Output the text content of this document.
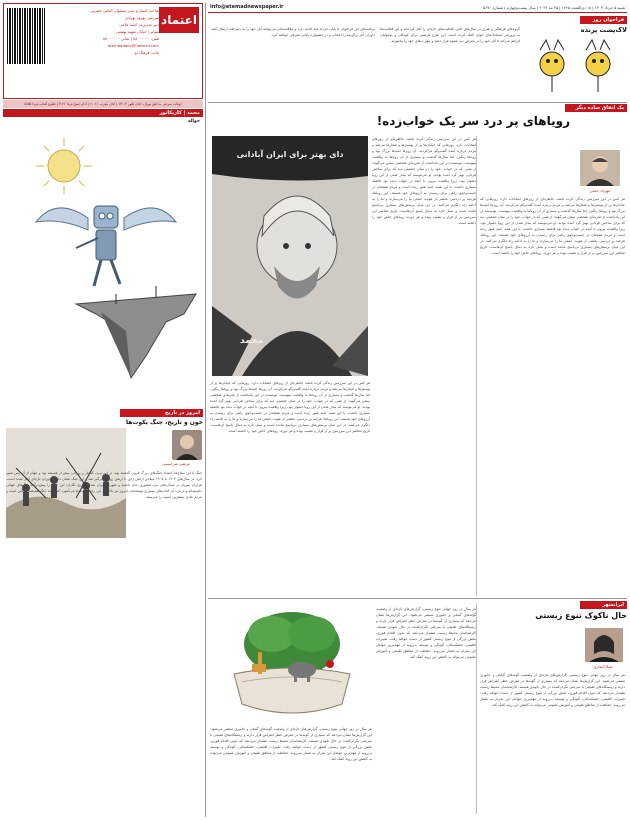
صاحب امتیاز و مدیر مسئول: الیاس حضرتی
سردبیر: بهروز بهزادی
دبیر تحریریه: احمد غلامی
نشانی: خیابان شهید بهشتی
تلفن: ۸۸۰۰۰۰۰۰ | نمابر: ۸۸۰۰۰۰۰۰
etemaddaily@hotmail.com
چاپ: فرهنگ نو
اعتماد
اوقات شرعی به افق تهران: اذان ظهر ۱۳:۰۴ | اذان مغرب ۲۰:۱۱ | اذان صبح فردا ۴:۲۱ | طلوع آفتاب فردا ۵:۵۵
info@etemadnewspaper.ir	شنبه ۵ خرداد ۱۴۰۳ | ۱۸ ذی‌القعده ۱۴۴۵ | ۲۵ مه ۲۰۲۴ | سال بیست‌وچهارم | شماره ۵۶۷۰
محمد | کاریکاتور
حواله
امروز در تاریخ
خون و تاریخ، جنگ یکوت‌ها
مرتضی میرحسینی
جنگ با این سلاح‌ها، امتداد جنگ‌های بزرگ قرون گذشته بود. در این نبرد، کشتار و ویرانی بیش از همیشه بود و جهان از آن پس تغییر کرد. در سال‌های ۱۹۰۴ تا ۱۹۰۵ میلادی ارتش ژاپن با ارتش روسیه درگیر شد و این جنگ نشان داد که دوران تازه‌ای آغاز شده است. هزاران سرباز در میدان‌های نبرد منچوری جان باختند و شهرها ویران شدند. تاریخ نگاران این جنگ را پیش‌درآمد جنگ‌های جهانی دانسته‌اند و درباره آن کتاب‌های بسیاری نوشته‌اند. امروز نیز یادآوری این رخدادها به ما می‌آموزد که هزینه جنگ همیشه سنگین است و مردم عادی بیشترین آسیب را می‌بینند.
فراخوان روز
لاک‌پشت پرنده
گروه‌های فرهنگی و هنری در سال‌های اخیر، فعالیت‌های تازه‌ای را آغاز کرده‌اند و این فعالیت‌ها به پرورش استعدادهای جوان کمک کرده است. این طرح فرصتی برای کودکان و نوجوانان فراهم می‌کند تا آثار خود را در معرض دید عموم قرار دهند و مهارت‌های خود را بیاموزند.
برنامه‌های این فراخوان تا پایان خرداد ماه ادامه دارد و علاقه‌مندان می‌توانند آثار خود را به دبیرخانه ارسال کنند. داوران آثار برگزیده را انتخاب و در جشنواره پایانی معرفی خواهند کرد.
یک اتفاق ساده دیگر
رویاهای پر درد سر یک خواب‌زده!
مهرداد حجتی
دای بهتر برای ایران آبادانی
محمد
هر کس در این سرزمین زندگی کرده باشد، خاطره‌ای از روزهای انتخابات دارد. روزهایی که خیابان‌ها پر از پوسترها و شعارها می‌شد و مردم درباره آینده گفت‌وگو می‌کردند. آن روزها امیدها بزرگ بود و رویاها رنگین. اما سال‌ها گذشت و بسیاری از آن رویاها به واقعیت نپیوست. نویسنده در این یادداشت از تجربه‌ای شخصی سخن می‌گوید؛ از شبی که در خواب، خود را در میان جمعیتی دید که برای ساختن فردایی بهتر گرد آمده بودند. او می‌نویسد که بیدار شدن از این رویا دشوار بود، زیرا واقعیت بیرون با آنچه در خواب دیده بود فاصله بسیاری داشت. با این همه، امید هنوز زنده است و مردم همچنان در جست‌وجوی راهی برای رسیدن به آرزوهای خود هستند. این رویاها، هرچند پر دردسر، بخشی از هویت جمعی ما را می‌سازند و ما را به ادامه راه دلگرم می‌کنند. در این میان پرسش‌های بسیاری بی‌پاسخ مانده است و نسل تازه به دنبال پاسخ آن‌هاست. تاریخ معاصر این سرزمین پر از فراز و نشیب بوده و هر دوره، رویاهای خاص خود را داشته است.
هر کس در این سرزمین زندگی کرده باشد، خاطره‌ای از روزهای انتخابات دارد. روزهایی که خیابان‌ها پر از پوسترها و شعارها می‌شد و مردم درباره آینده گفت‌وگو می‌کردند. آن روزها امیدها بزرگ بود و رویاها رنگین. اما سال‌ها گذشت و بسیاری از آن رویاها به واقعیت نپیوست. نویسنده در این یادداشت از تجربه‌ای شخصی سخن می‌گوید؛ از شبی که در خواب، خود را در میان جمعیتی دید که برای ساختن فردایی بهتر گرد آمده بودند. او می‌نویسد که بیدار شدن از این رویا دشوار بود، زیرا واقعیت بیرون با آنچه در خواب دیده بود فاصله بسیاری داشت. با این همه، امید هنوز زنده است و مردم همچنان در جست‌وجوی راهی برای رسیدن به آرزوهای خود هستند. این رویاها، هرچند پر دردسر، بخشی از هویت جمعی ما را می‌سازند و ما را به ادامه راه دلگرم می‌کنند. در این میان پرسش‌های بسیاری بی‌پاسخ مانده است و نسل تازه به دنبال پاسخ آن‌هاست. تاریخ معاصر این سرزمین پر از فراز و نشیب بوده و هر دوره، رویاهای خاص خود را داشته است.
هر کس در این سرزمین زندگی کرده باشد، خاطره‌ای از روزهای انتخابات دارد. روزهایی که خیابان‌ها پر از پوسترها و شعارها می‌شد و مردم درباره آینده گفت‌وگو می‌کردند. آن روزها امیدها بزرگ بود و رویاها رنگین. اما سال‌ها گذشت و بسیاری از آن رویاها به واقعیت نپیوست. نویسنده در این یادداشت از تجربه‌ای شخصی سخن می‌گوید؛ از شبی که در خواب، خود را در میان جمعیتی دید که برای ساختن فردایی بهتر گرد آمده بودند. او می‌نویسد که بیدار شدن از این رویا دشوار بود، زیرا واقعیت بیرون با آنچه در خواب دیده بود فاصله بسیاری داشت. با این همه، امید هنوز زنده است و مردم همچنان در جست‌وجوی راهی برای رسیدن به آرزوهای خود هستند. این رویاها، هرچند پر دردسر، بخشی از هویت جمعی ما را می‌سازند و ما را به ادامه راه دلگرم می‌کنند. در این میان پرسش‌های بسیاری بی‌پاسخ مانده است و نسل تازه به دنبال پاسخ آن‌هاست. تاریخ معاصر این سرزمین پر از فراز و نشیب بوده و هر دوره، رویاهای خاص خود را داشته است.
ایرانشهر
حال ناکوک تنوع زیستی
شیلا انصاری
هر سال در روز جهانی تنوع زیستی، گزارش‌های تازه‌ای از وضعیت گونه‌های گیاهی و جانوری منتشر می‌شود. این گزارش‌ها نشان می‌دهد که بسیاری از گونه‌ها در معرض خطر انقراض قرار دارند و زیستگاه‌های طبیعی با سرعتی نگران‌کننده در حال نابودی هستند. کارشناسان محیط زیست هشدار می‌دهند که بدون اقدام فوری، بخش بزرگی از تنوع زیستی کشور از دست خواهد رفت. تغییرات اقلیمی، خشکسالی، آلودگی و توسعه بی‌رویه از مهم‌ترین عوامل این بحران به شمار می‌روند. حفاظت از مناطق طبیعی و آموزش عمومی می‌تواند به کاهش این روند کمک کند.
هر سال در روز جهانی تنوع زیستی، گزارش‌های تازه‌ای از وضعیت گونه‌های گیاهی و جانوری منتشر می‌شود. این گزارش‌ها نشان می‌دهد که بسیاری از گونه‌ها در معرض خطر انقراض قرار دارند و زیستگاه‌های طبیعی با سرعتی نگران‌کننده در حال نابودی هستند. کارشناسان محیط زیست هشدار می‌دهند که بدون اقدام فوری، بخش بزرگی از تنوع زیستی کشور از دست خواهد رفت. تغییرات اقلیمی، خشکسالی، آلودگی و توسعه بی‌رویه از مهم‌ترین عوامل این بحران به شمار می‌روند. حفاظت از مناطق طبیعی و آموزش عمومی می‌تواند به کاهش این روند کمک کند.
هر سال در روز جهانی تنوع زیستی، گزارش‌های تازه‌ای از وضعیت گونه‌های گیاهی و جانوری منتشر می‌شود. این گزارش‌ها نشان می‌دهد که بسیاری از گونه‌ها در معرض خطر انقراض قرار دارند و زیستگاه‌های طبیعی با سرعتی نگران‌کننده در حال نابودی هستند. کارشناسان محیط زیست هشدار می‌دهند که بدون اقدام فوری، بخش بزرگی از تنوع زیستی کشور از دست خواهد رفت. تغییرات اقلیمی، خشکسالی، آلودگی و توسعه بی‌رویه از مهم‌ترین عوامل این بحران به شمار می‌روند. حفاظت از مناطق طبیعی و آموزش عمومی می‌تواند به کاهش این روند کمک کند.
